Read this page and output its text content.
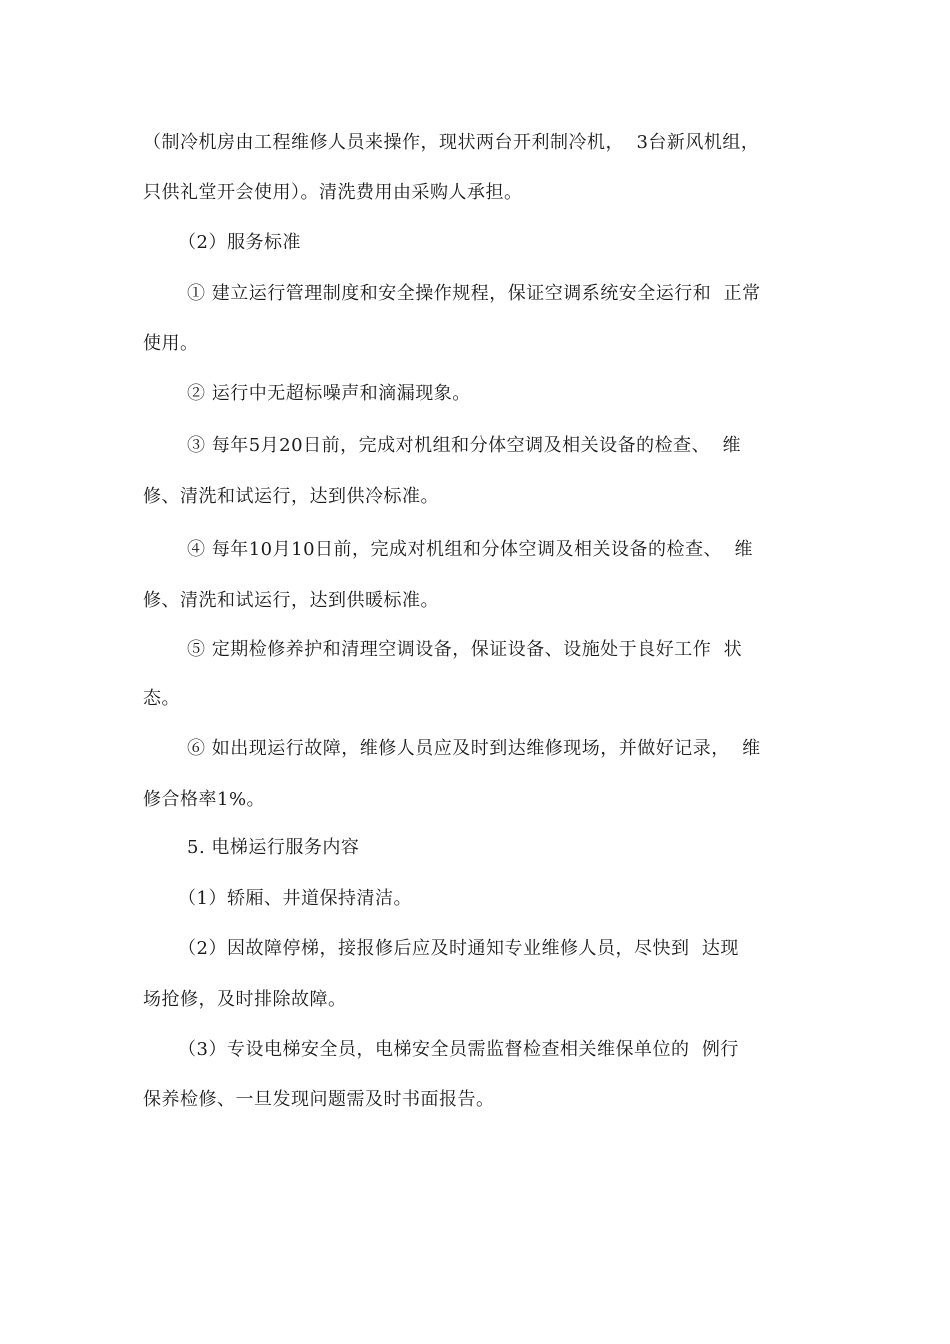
（制冷机房由工程维修人员来操作，现状两台开利制冷机，  3台新风机组，
只供礼堂开会使用）。清洗费用由采购人承担。
（2）服务标准
① 建立运行管理制度和安全操作规程，保证空调系统安全运行和  正常
使用。
② 运行中无超标噪声和滴漏现象。
③ 每年5月20日前，完成对机组和分体空调及相关设备的检查、  维
修、清洗和试运行，达到供冷标准。
④ 每年10月10日前，完成对机组和分体空调及相关设备的检查、  维
修、清洗和试运行，达到供暖标准。
⑤ 定期检修养护和清理空调设备，保证设备、设施处于良好工作  状
态。
⑥ 如出现运行故障，维修人员应及时到达维修现场，并做好记录，  维
修合格率1%。
5. 电梯运行服务内容
（1）轿厢、井道保持清洁。
（2）因故障停梯，接报修后应及时通知专业维修人员，尽快到  达现
场抢修，及时排除故障。
（3）专设电梯安全员，电梯安全员需监督检查相关维保单位的  例行
保养检修、一旦发现问题需及时书面报告。
